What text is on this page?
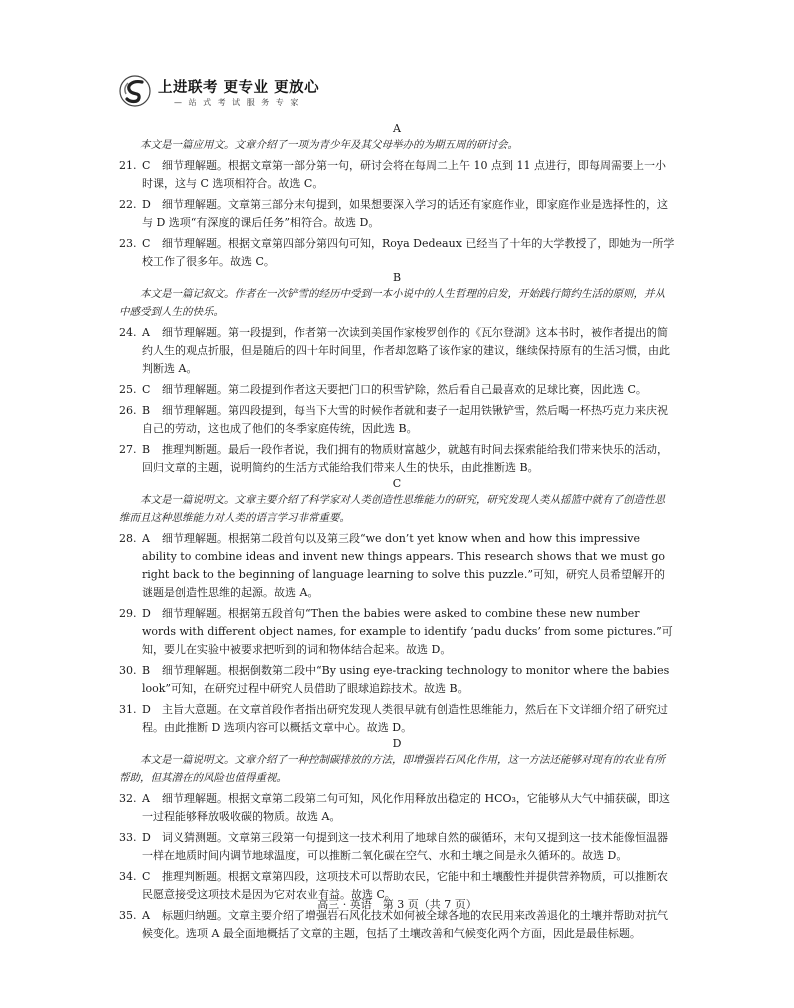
上进联考 更专业 更放心
— 站 式 考 试 服 务 专 家
A

本文是一篇应用文。文章介绍了一项为青少年及其父母举办的为期五周的研讨会。

21. C 细节理解题。根据文章第一部分第一句，研讨会将在每周二上午 10 点到 11 点进行，即每周需要上一小时课，这与 C 选项相符合。故选 C。

22. D 细节理解题。文章第三部分末句提到，如果想要深入学习的话还有家庭作业，即家庭作业是选择性的，这与 D 选项“有深度的课后任务”相符合。故选 D。

23. C 细节理解题。根据文章第四部分第四句可知，Roya Dedeaux 已经当了十年的大学教授了，即她为一所学校工作了很多年。故选 C。

B

本文是一篇记叙文。作者在一次铲雪的经历中受到一本小说中的人生哲理的启发，开始践行简约生活的原则，并从中感受到人生的快乐。

24. A 细节理解题。第一段提到，作者第一次读到美国作家梭罗创作的《瓦尔登湖》这本书时，被作者提出的简约人生的观点折服，但是随后的四十年时间里，作者却忽略了该作家的建议，继续保持原有的生活习惯，由此判断选 A。

25. C 细节理解题。第二段提到作者这天要把门口的积雪铲除，然后看自己最喜欢的足球比赛，因此选 C。

26. B 细节理解题。第四段提到，每当下大雪的时候作者就和妻子一起用铁锹铲雪，然后喝一杯热巧克力来庆祝自己的劳动，这也成了他们的冬季家庭传统，因此选 B。

27. B 推理判断题。最后一段作者说，我们拥有的物质财富越少，就越有时间去探索能给我们带来快乐的活动，回归文章的主题，说明简约的生活方式能给我们带来人生的快乐，由此推断选 B。

C

本文是一篇说明文。文章主要介绍了科学家对人类创造性思维能力的研究，研究发现人类从摇篮中就有了创造性思维而且这种思维能力对人类的语言学习非常重要。

28. A 细节理解题。根据第二段首句以及第三段“we don’t yet know when and how this impressive ability to combine ideas and invent new things appears. This research shows that we must go right back to the beginning of language learning to solve this puzzle.”可知，研究人员希望解开的谜题是创造性思维的起源。故选 A。

29. D 细节理解题。根据第五段首句“Then the babies were asked to combine these new number words with different object names, for example to identify ‘padu ducks’ from some pictures.”可知，要儿在实验中被要求把听到的词和物体结合起来。故选 D。

30. B 细节理解题。根据倒数第二段中“By using eye-tracking technology to monitor where the babies look”可知，在研究过程中研究人员借助了眼球追踪技术。故选 B。

31. D 主旨大意题。在文章首段作者指出研究发现人类很早就有创造性思维能力，然后在下文详细介绍了研究过程。由此推断 D 选项内容可以概括文章中心。故选 D。

D

本文是一篇说明文。文章介绍了一种控制碳排放的方法，即增强岩石风化作用，这一方法还能够对现有的农业有所帮助，但其潜在的风险也值得重视。

32. A 细节理解题。根据文章第二段第二句可知，风化作用释放出稳定的 HCO₃，它能够从大气中捕获碳，即这一过程能够释放吸收碳的物质。故选 A。

33. D 词义猜测题。文章第三段第一句提到这一技术利用了地球自然的碳循环，末句又提到这一技术能像恒温器一样在地质时间内调节地球温度，可以推断二氧化碳在空气、水和土壤之间是永久循环的。故选 D。

34. C 推理判断题。根据文章第四段，这项技术可以帮助农民，它能中和土壤酸性并提供营养物质，可以推断农民愿意接受这项技术是因为它对农业有益。故选 C。

35. A 标题归纳题。文章主要介绍了增强岩石风化技术如何被全球各地的农民用来改善退化的土壤并帮助对抗气候变化。选项 A 最全面地概括了文章的主题，包括了土壤改善和气候变化两个方面，因此是最佳标题。

高三 · 英语　第 3 页（共 7 页）
